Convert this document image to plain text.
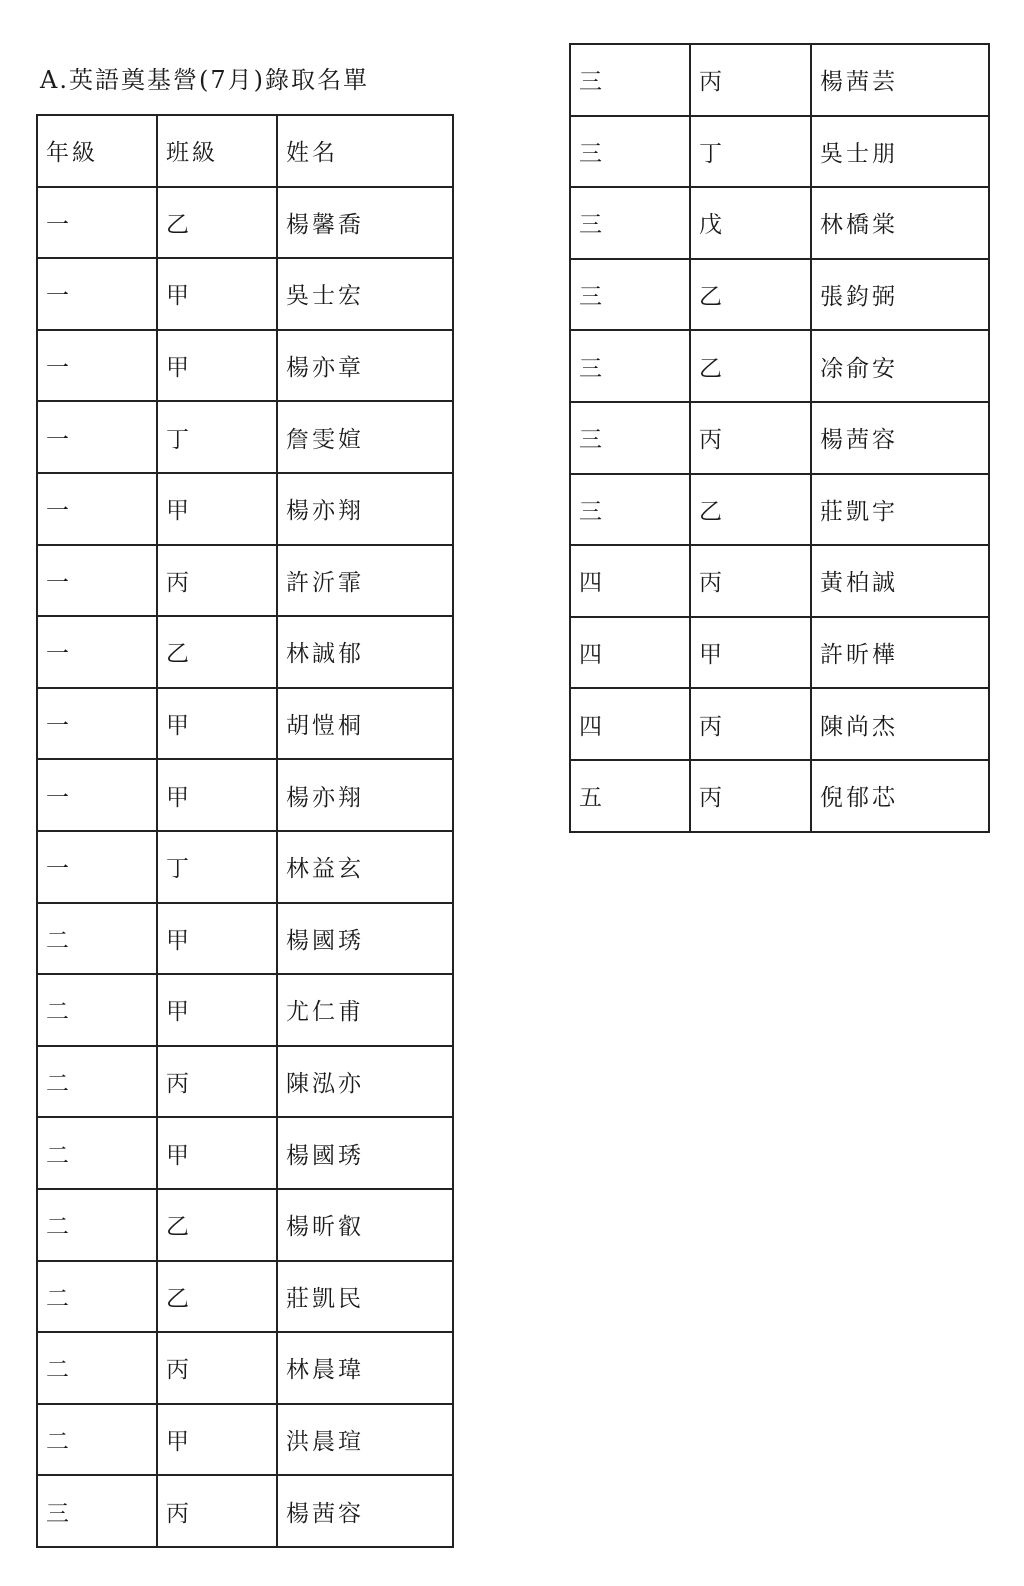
A.英語奠基營(7月)錄取名單
年級	班級	姓名
一	乙	楊馨喬
一	甲	吳士宏
一	甲	楊亦章
一	丁	詹雯媗
一	甲	楊亦翔
一	丙	許沂霏
一	乙	林誠郁
一	甲	胡愷桐
一	甲	楊亦翔
一	丁	林益玄
二	甲	楊國琇
二	甲	尤仁甫
二	丙	陳泓亦
二	甲	楊國琇
二	乙	楊昕叡
二	乙	莊凱民
二	丙	林晨瑋
二	甲	洪晨瑄
三	丙	楊茜容
三	丙	楊茜芸
三	丁	吳士朋
三	戊	林橋棠
三	乙	張鈞弼
三	乙	凃俞安
三	丙	楊茜容
三	乙	莊凱宇
四	丙	黃柏誠
四	甲	許昕樺
四	丙	陳尚杰
五	丙	倪郁芯
